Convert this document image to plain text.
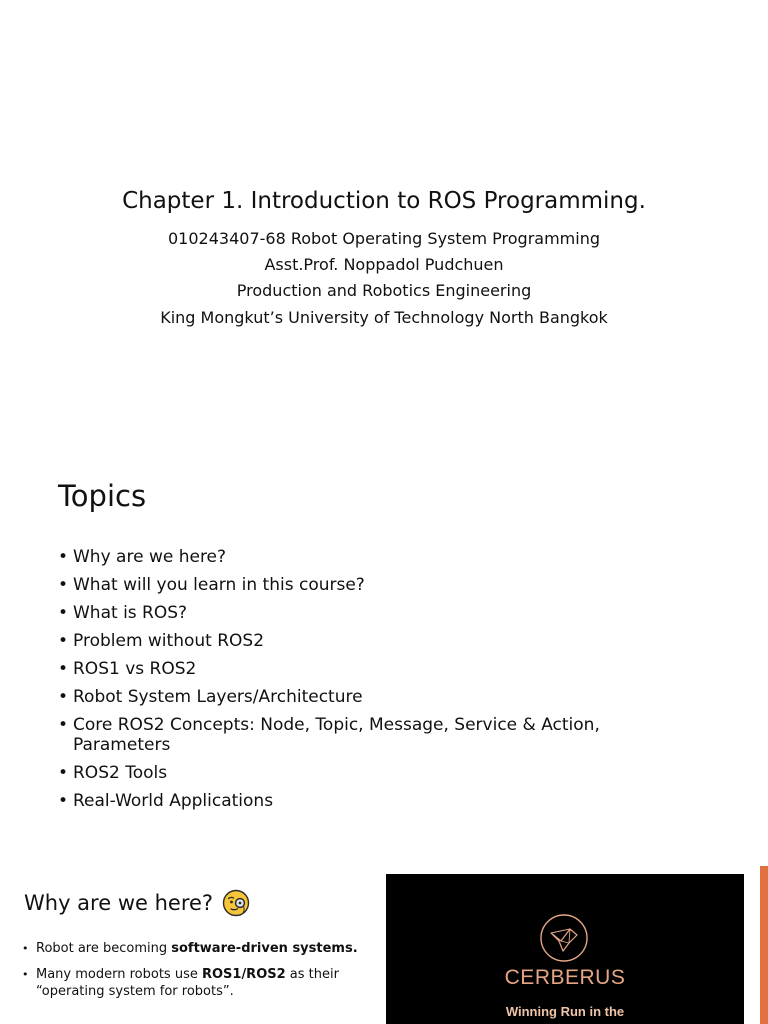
Chapter 1. Introduction to ROS Programming.
010243407-68 Robot Operating System Programming
Asst.Prof. Noppadol Pudchuen
Production and Robotics Engineering
King Mongkut’s University of Technology North Bangkok
Topics
• Why are we here?
• What will you learn in this course?
• What is ROS?
• Problem without ROS2
• ROS1 vs ROS2
• Robot System Layers/Architecture
• Core ROS2 Concepts: Node, Topic, Message, Service & Action, Parameters
• ROS2 Tools
• Real-World Applications
Why are we here?
• Robot are becoming software-driven systems.
• Many modern robots use ROS1/ROS2 as their “operating system for robots”.
CERBERUS
Winning Run in the
